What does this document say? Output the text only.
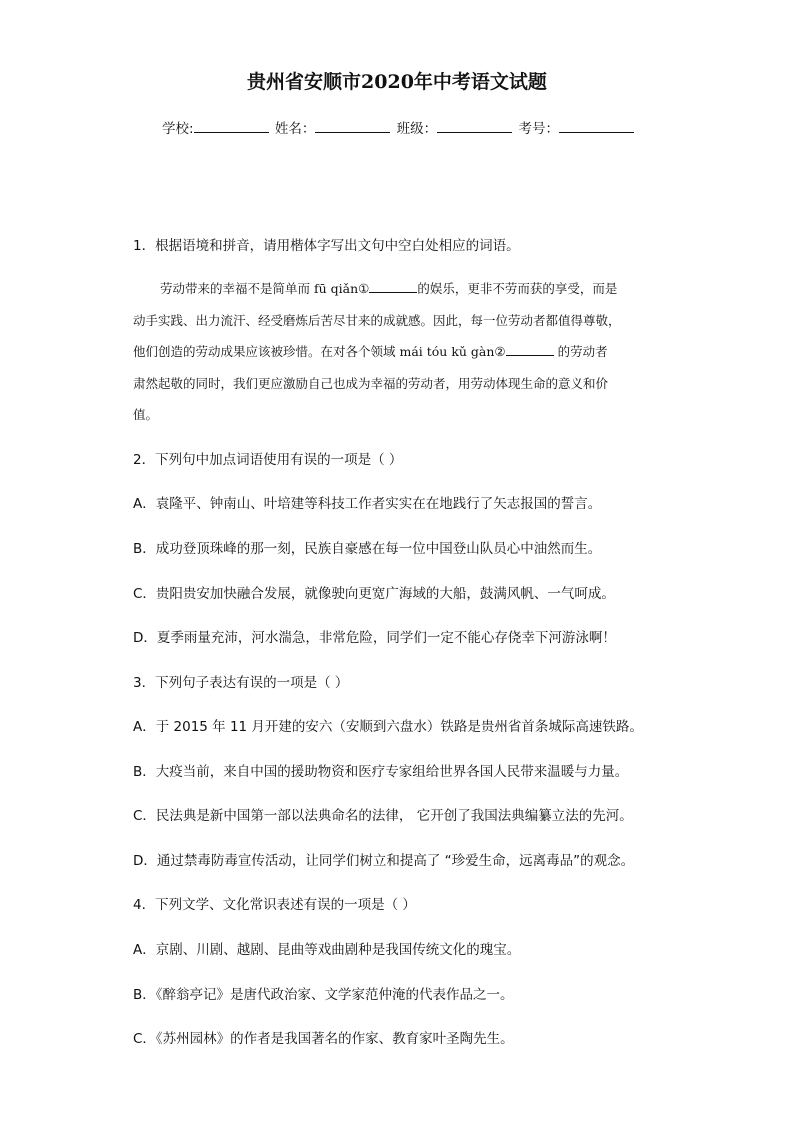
贵州省安顺市2020年中考语文试题
学校:	姓名：	班级：	考号：
1．根据语境和拼音，请用楷体字写出文句中空白处相应的词语。

劳动带来的幸福不是简单而 fū qiǎn①	的娱乐，更非不劳而获的享受，而是

动手实践、出力流汗、经受磨炼后苦尽甘来的成就感。因此，每一位劳动者都值得尊敬，

他们创造的劳动成果应该被珍惜。在对各个领域 mái tóu kǔ gàn②	的劳动者

肃然起敬的同时，我们更应激励自己也成为幸福的劳动者，用劳动体现生命的意义和价

值。

2．下列句中加点词语使用有误的一项是（ ）
A．袁隆平、钟南山、叶培建等科技工作者实实在在地践行了矢志报国的誓言。
B．成功登顶珠峰的那一刻，民族自豪感在每一位中国登山队员心中油然而生。
C．贵阳贵安加快融合发展，就像驶向更宽广海域的大船，鼓满风帆、一气呵成。
D．夏季雨量充沛，河水湍急，非常危险，同学们一定不能心存侥幸下河游泳啊！
3．下列句子表达有误的一项是（ ）
A．于 2015 年 11 月开建的安六（安顺到六盘水）铁路是贵州省首条城际高速铁路。
B．大疫当前，来自中国的援助物资和医疗专家组给世界各国人民带来温暖与力量。
C．民法典是新中国第一部以法典命名的法律， 它开创了我国法典编纂立法的先河。
D．通过禁毒防毒宣传活动，让同学们树立和提高了 “珍爱生命，远离毒品”的观念。
4．下列文学、文化常识表述有误的一项是（ ）
A．京剧、川剧、越剧、昆曲等戏曲剧种是我国传统文化的瑰宝。
B．《醉翁亭记》是唐代政治家、文学家范仲淹的代表作品之一。
C．《苏州园林》的作者是我国著名的作家、教育家叶圣陶先生。
